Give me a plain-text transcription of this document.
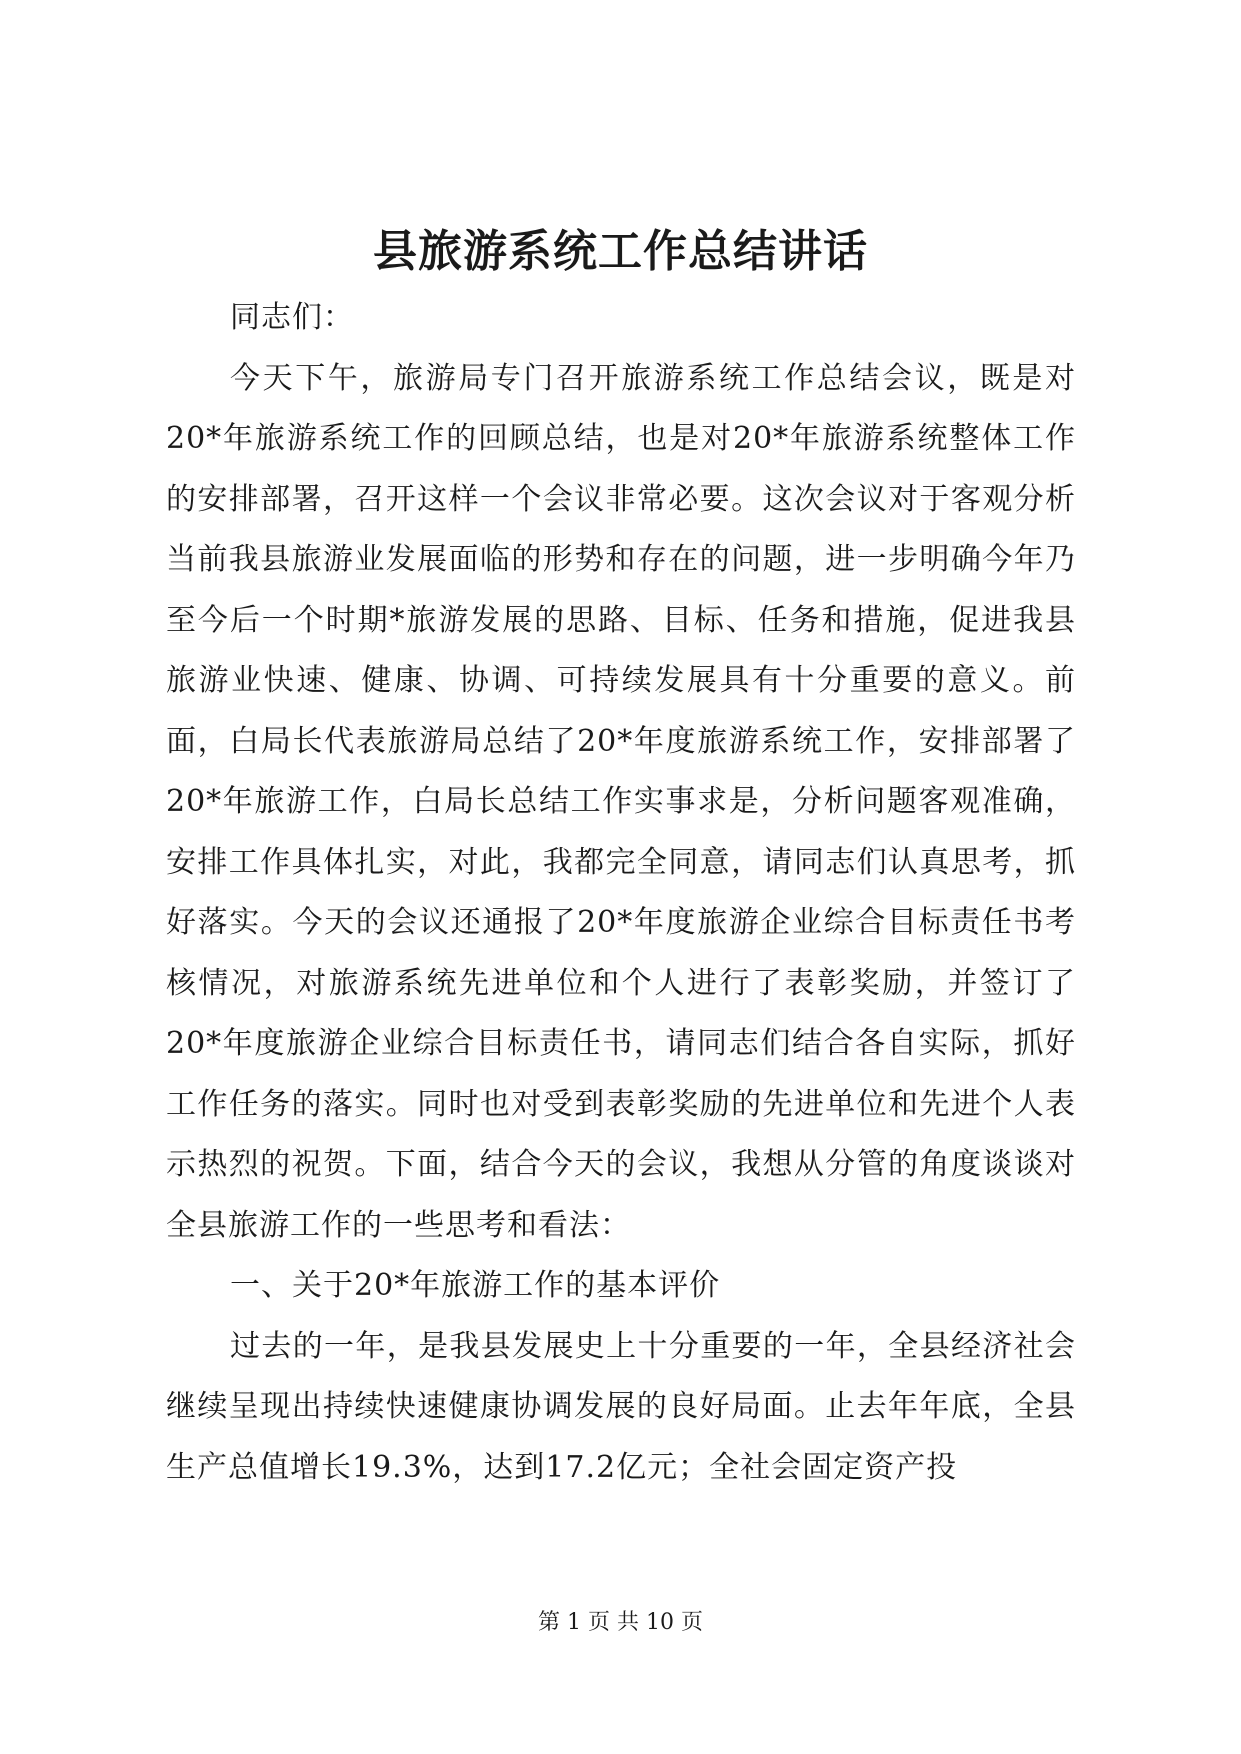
县旅游系统工作总结讲话

同志们：

今天下午，旅游局专门召开旅游系统工作总结会议，既是对20*年旅游系统工作的回顾总结，也是对20*年旅游系统整体工作的安排部署，召开这样一个会议非常必要。这次会议对于客观分析当前我县旅游业发展面临的形势和存在的问题，进一步明确今年乃至今后一个时期*旅游发展的思路、目标、任务和措施，促进我县旅游业快速、健康、协调、可持续发展具有十分重要的意义。前面，白局长代表旅游局总结了20*年度旅游系统工作，安排部署了20*年旅游工作，白局长总结工作实事求是，分析问题客观准确，安排工作具体扎实，对此，我都完全同意，请同志们认真思考，抓好落实。今天的会议还通报了20*年度旅游企业综合目标责任书考核情况，对旅游系统先进单位和个人进行了表彰奖励，并签订了20*年度旅游企业综合目标责任书，请同志们结合各自实际，抓好工作任务的落实。同时也对受到表彰奖励的先进单位和先进个人表示热烈的祝贺。下面，结合今天的会议，我想从分管的角度谈谈对全县旅游工作的一些思考和看法：

一、关于20*年旅游工作的基本评价

过去的一年，是我县发展史上十分重要的一年，全县经济社会继续呈现出持续快速健康协调发展的良好局面。止去年年底，全县生产总值增长19.3%，达到17.2亿元；全社会固定资产投

第 1 页 共 10 页
